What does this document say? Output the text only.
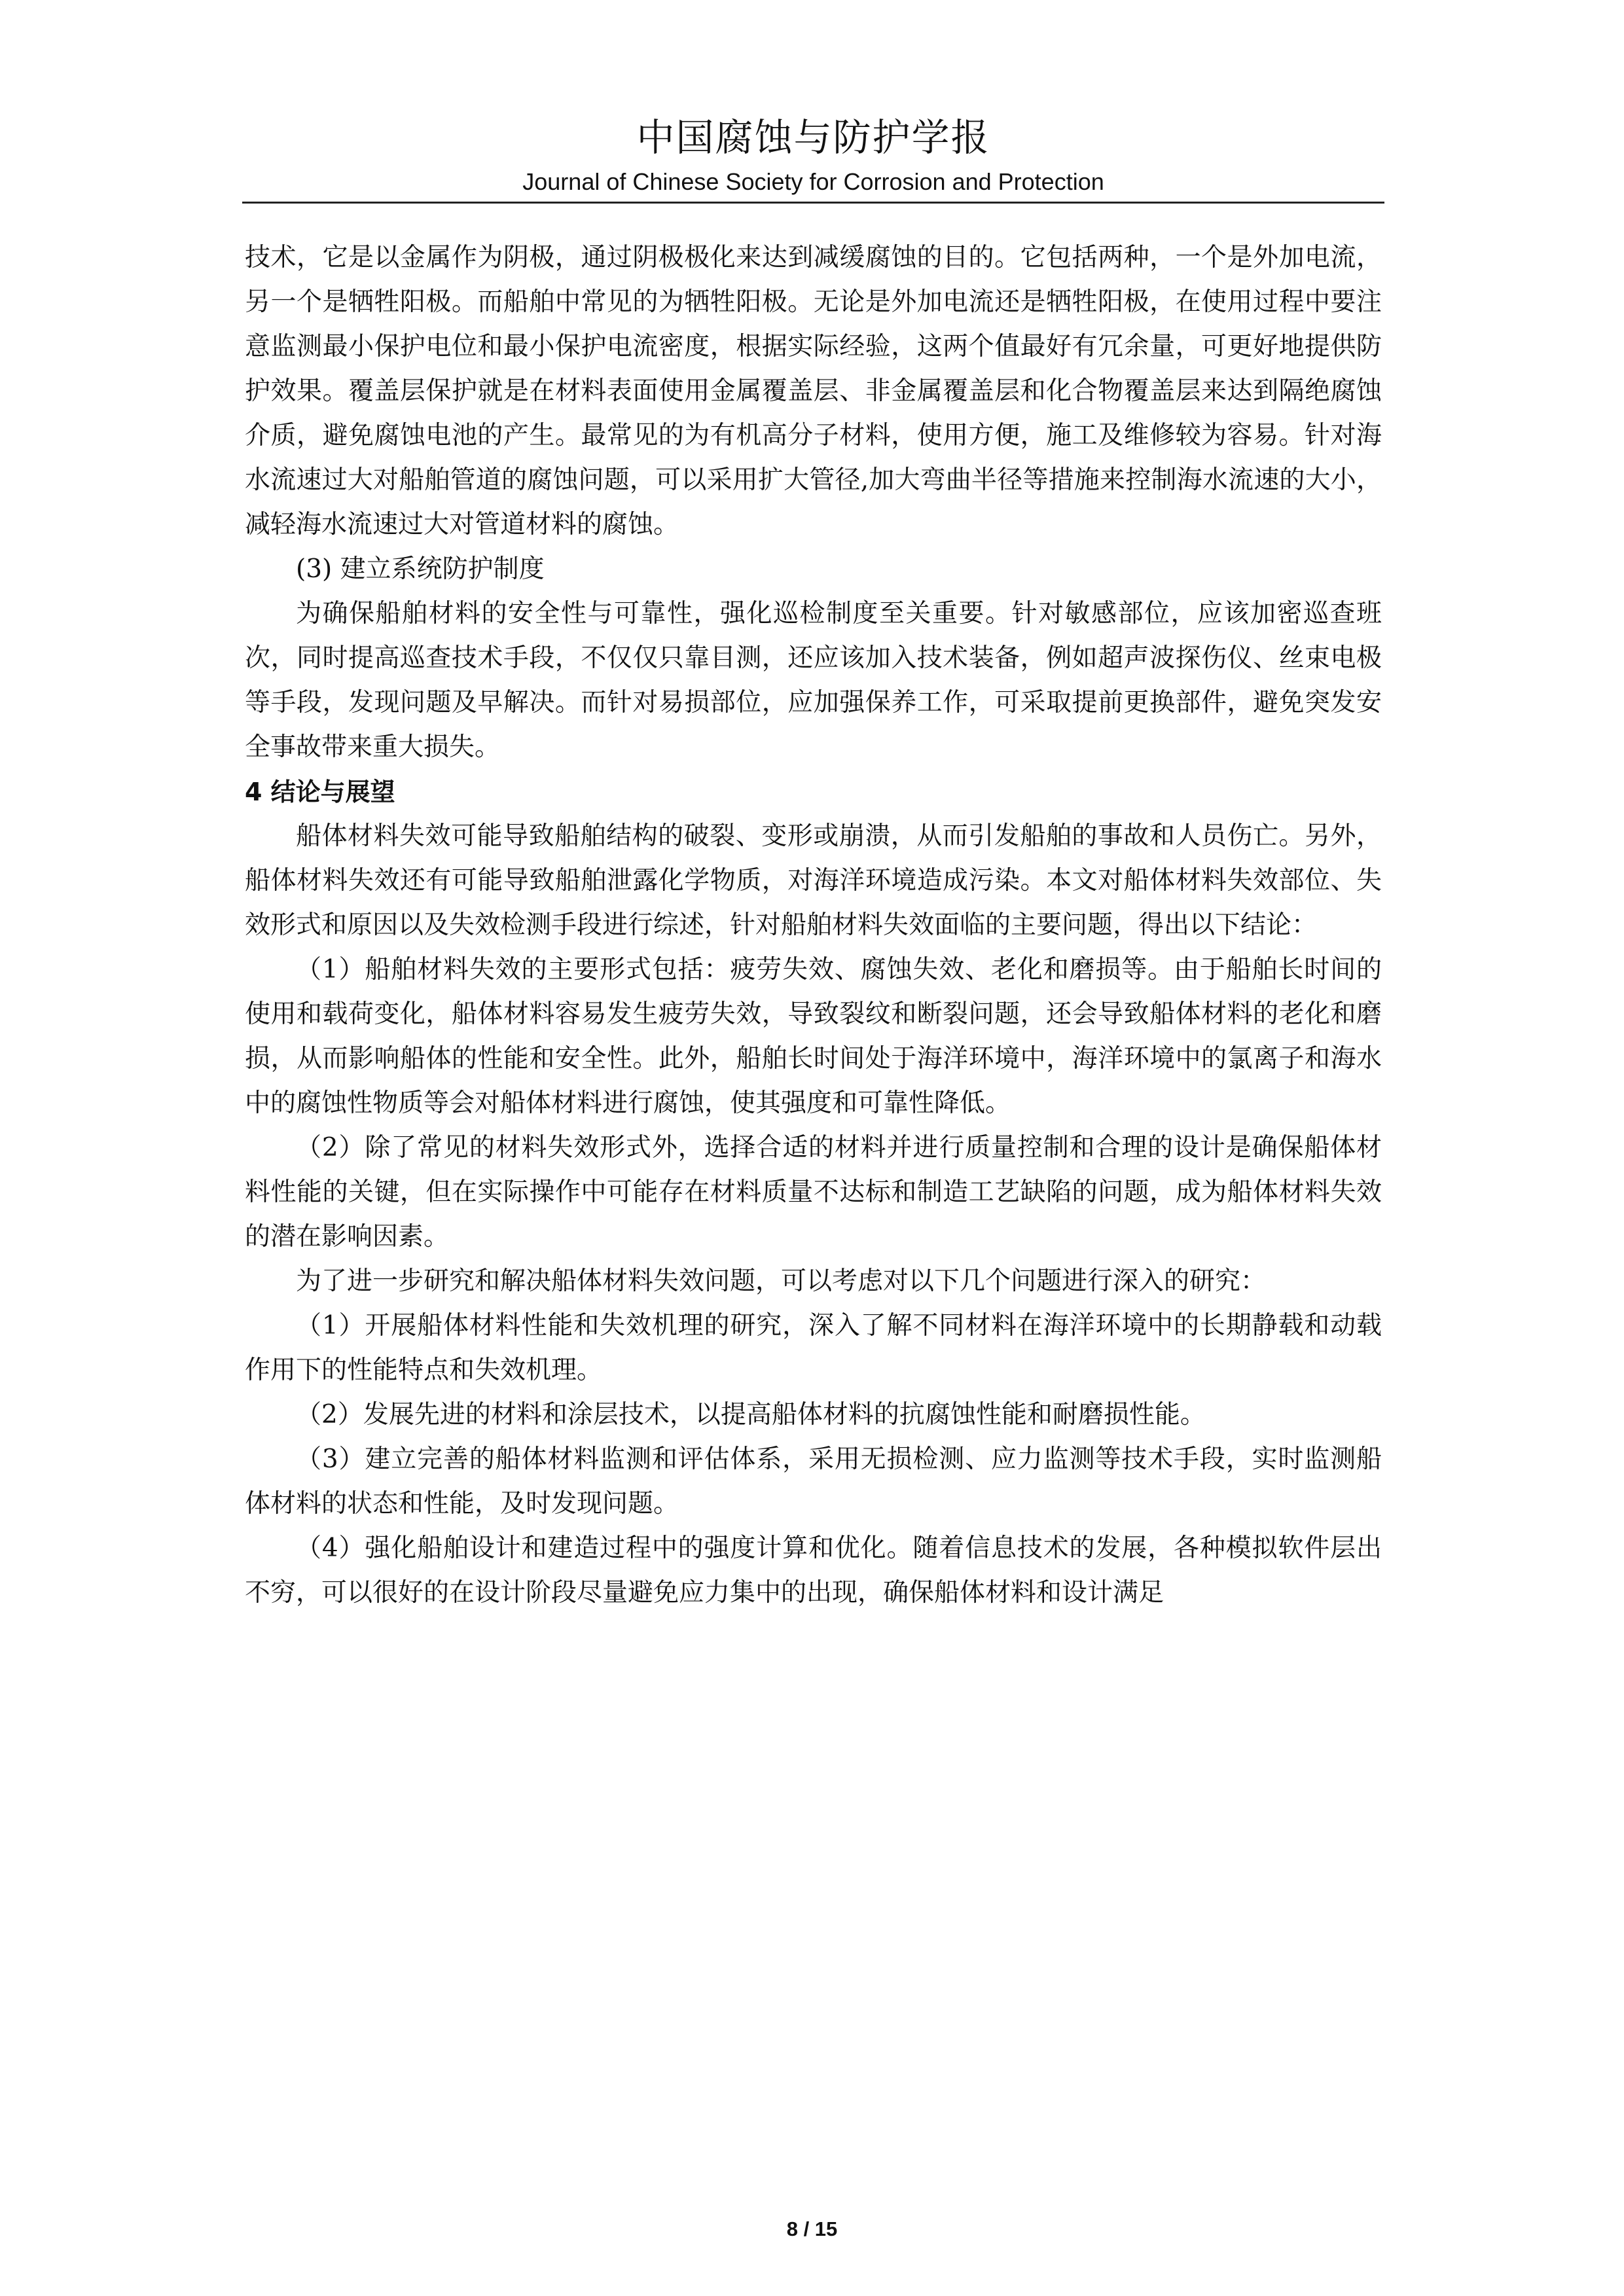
中国腐蚀与防护学报
Journal of Chinese Society for Corrosion and Protection

技术，它是以金属作为阴极，通过阴极极化来达到减缓腐蚀的目的。它包括两种，一个是外加电流，另一个是牺牲阳极。而船舶中常见的为牺牲阳极。无论是外加电流还是牺牲阳极，在使用过程中要注意监测最小保护电位和最小保护电流密度，根据实际经验，这两个值最好有冗余量，可更好地提供防护效果。覆盖层保护就是在材料表面使用金属覆盖层、非金属覆盖层和化合物覆盖层来达到隔绝腐蚀介质，避免腐蚀电池的产生。最常见的为有机高分子材料，使用方便，施工及维修较为容易。针对海水流速过大对船舶管道的腐蚀问题，可以采用扩大管径,加大弯曲半径等措施来控制海水流速的大小，减轻海水流速过大对管道材料的腐蚀。

(3) 建立系统防护制度

为确保船舶材料的安全性与可靠性，强化巡检制度至关重要。针对敏感部位，应该加密巡查班次，同时提高巡查技术手段，不仅仅只靠目测，还应该加入技术装备，例如超声波探伤仪、丝束电极等手段，发现问题及早解决。而针对易损部位，应加强保养工作，可采取提前更换部件，避免突发安全事故带来重大损失。

4 结论与展望

船体材料失效可能导致船舶结构的破裂、变形或崩溃，从而引发船舶的事故和人员伤亡。另外，船体材料失效还有可能导致船舶泄露化学物质，对海洋环境造成污染。本文对船体材料失效部位、失效形式和原因以及失效检测手段进行综述，针对船舶材料失效面临的主要问题，得出以下结论：

（1）船舶材料失效的主要形式包括：疲劳失效、腐蚀失效、老化和磨损等。由于船舶长时间的使用和载荷变化，船体材料容易发生疲劳失效，导致裂纹和断裂问题，还会导致船体材料的老化和磨损，从而影响船体的性能和安全性。此外，船舶长时间处于海洋环境中，海洋环境中的氯离子和海水中的腐蚀性物质等会对船体材料进行腐蚀，使其强度和可靠性降低。

（2）除了常见的材料失效形式外，选择合适的材料并进行质量控制和合理的设计是确保船体材料性能的关键，但在实际操作中可能存在材料质量不达标和制造工艺缺陷的问题，成为船体材料失效的潜在影响因素。

为了进一步研究和解决船体材料失效问题，可以考虑对以下几个问题进行深入的研究：

（1）开展船体材料性能和失效机理的研究，深入了解不同材料在海洋环境中的长期静载和动载作用下的性能特点和失效机理。

（2）发展先进的材料和涂层技术，以提高船体材料的抗腐蚀性能和耐磨损性能。

（3）建立完善的船体材料监测和评估体系，采用无损检测、应力监测等技术手段，实时监测船体材料的状态和性能，及时发现问题。

（4）强化船舶设计和建造过程中的强度计算和优化。随着信息技术的发展，各种模拟软件层出不穷，可以很好的在设计阶段尽量避免应力集中的出现，确保船体材料和设计满足

8 / 15
